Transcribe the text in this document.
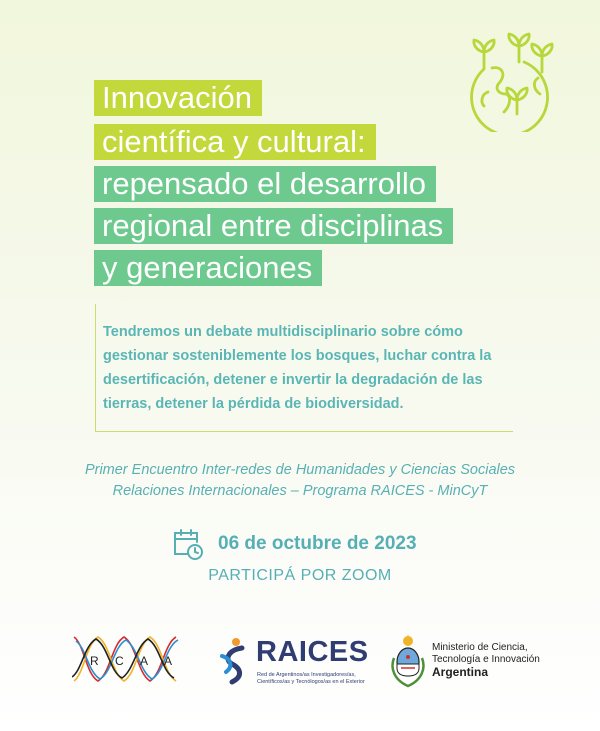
Innovación
científica y cultural:
repensado el desarrollo
regional entre disciplinas
y generaciones

Tendremos un debate multidisciplinario sobre cómo gestionar sosteniblemente los bosques, luchar contra la desertificación, detener e invertir la degradación de las tierras, detener la pérdida de biodiversidad.

Primer Encuentro Inter-redes de Humanidades y Ciencias Sociales
Relaciones Internacionales – Programa RAICES - MinCyT
06 de octubre de 2023
PARTICIPÁ POR ZOOM
R C A A	RAICES
Red de Argentinos/as Investigadores/as,
Científicos/as y Tecnólogos/as en el Exterior
Ministerio de Ciencia,
Tecnología e Innovación
Argentina
